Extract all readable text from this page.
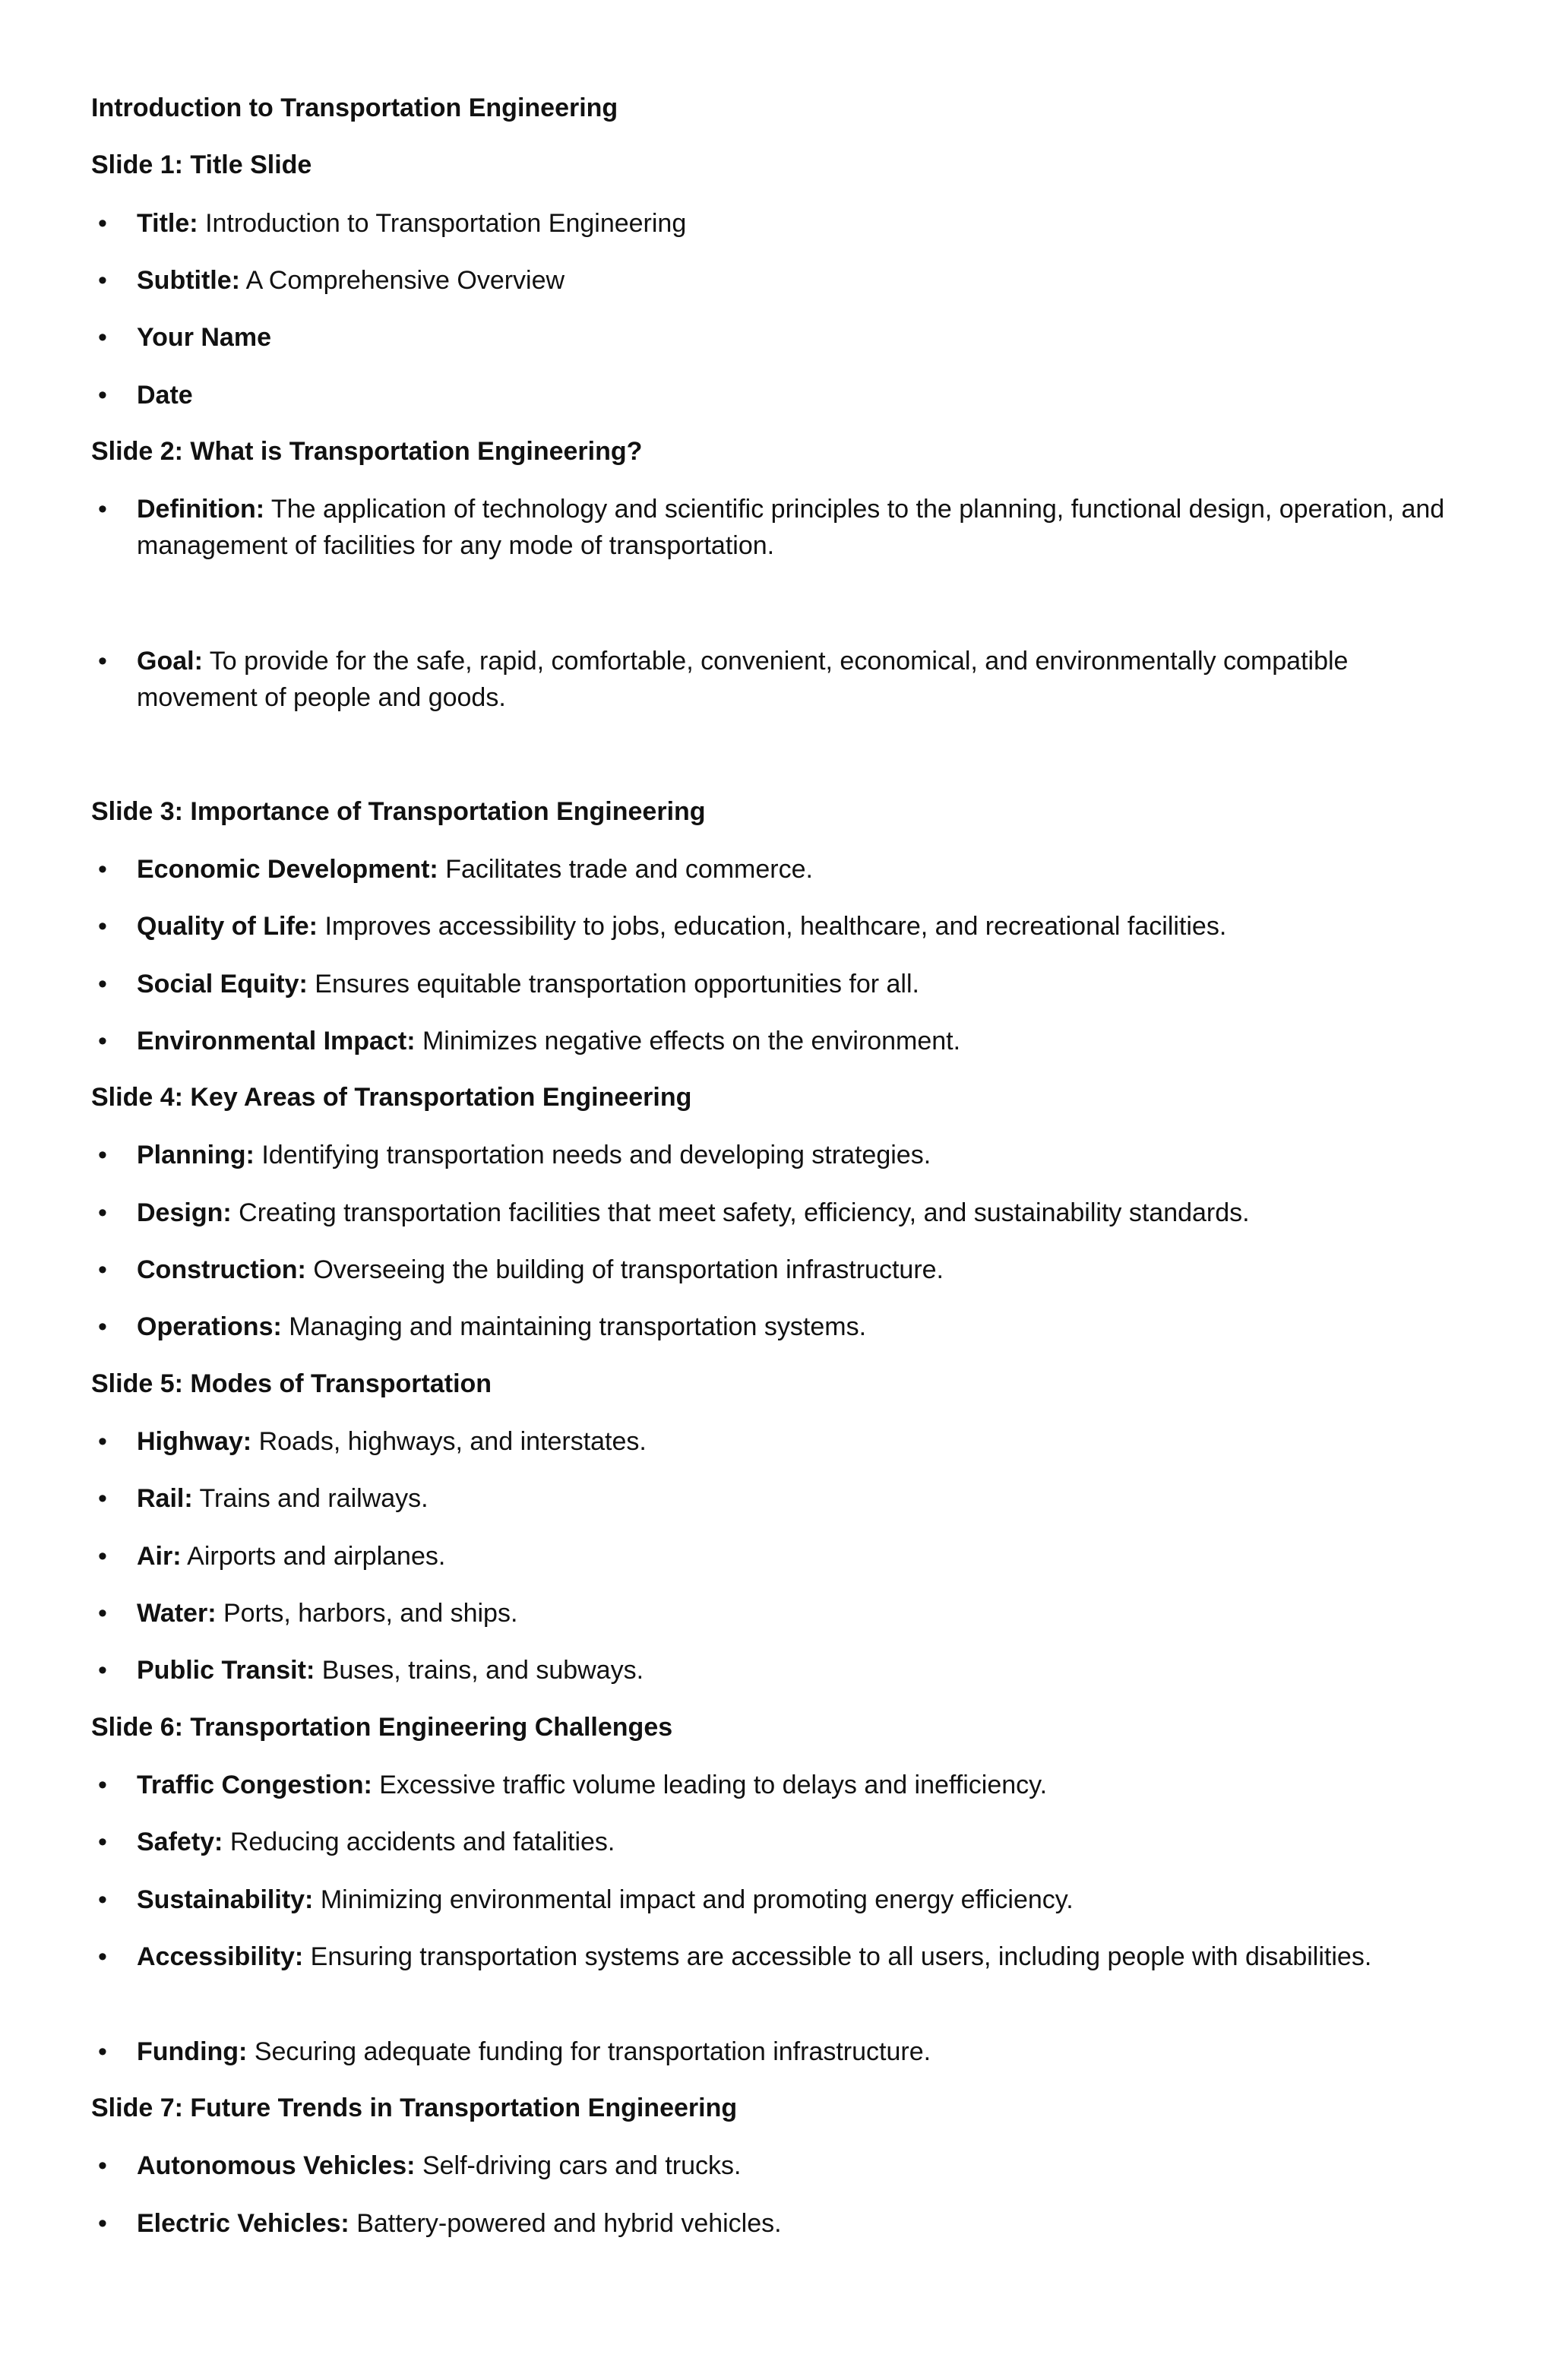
Introduction to Transportation Engineering

Slide 1: Title Slide

• Title: Introduction to Transportation Engineering
• Subtitle: A Comprehensive Overview
• Your Name
• Date

Slide 2: What is Transportation Engineering?

• Definition: The application of technology and scientific principles to the planning, functional design, operation, and management of facilities for any mode of transportation.
• Goal: To provide for the safe, rapid, comfortable, convenient, economical, and environmentally compatible movement of people and goods.

Slide 3: Importance of Transportation Engineering

• Economic Development: Facilitates trade and commerce.
• Quality of Life: Improves accessibility to jobs, education, healthcare, and recreational facilities.
• Social Equity: Ensures equitable transportation opportunities for all.
• Environmental Impact: Minimizes negative effects on the environment.

Slide 4: Key Areas of Transportation Engineering

• Planning: Identifying transportation needs and developing strategies.
• Design: Creating transportation facilities that meet safety, efficiency, and sustainability standards.
• Construction: Overseeing the building of transportation infrastructure.
• Operations: Managing and maintaining transportation systems.

Slide 5: Modes of Transportation

• Highway: Roads, highways, and interstates.
• Rail: Trains and railways.
• Air: Airports and airplanes.
• Water: Ports, harbors, and ships.
• Public Transit: Buses, trains, and subways.

Slide 6: Transportation Engineering Challenges

• Traffic Congestion: Excessive traffic volume leading to delays and inefficiency.
• Safety: Reducing accidents and fatalities.
• Sustainability: Minimizing environmental impact and promoting energy efficiency.
• Accessibility: Ensuring transportation systems are accessible to all users, including people with disabilities.
• Funding: Securing adequate funding for transportation infrastructure.

Slide 7: Future Trends in Transportation Engineering

• Autonomous Vehicles: Self-driving cars and trucks.
• Electric Vehicles: Battery-powered and hybrid vehicles.
